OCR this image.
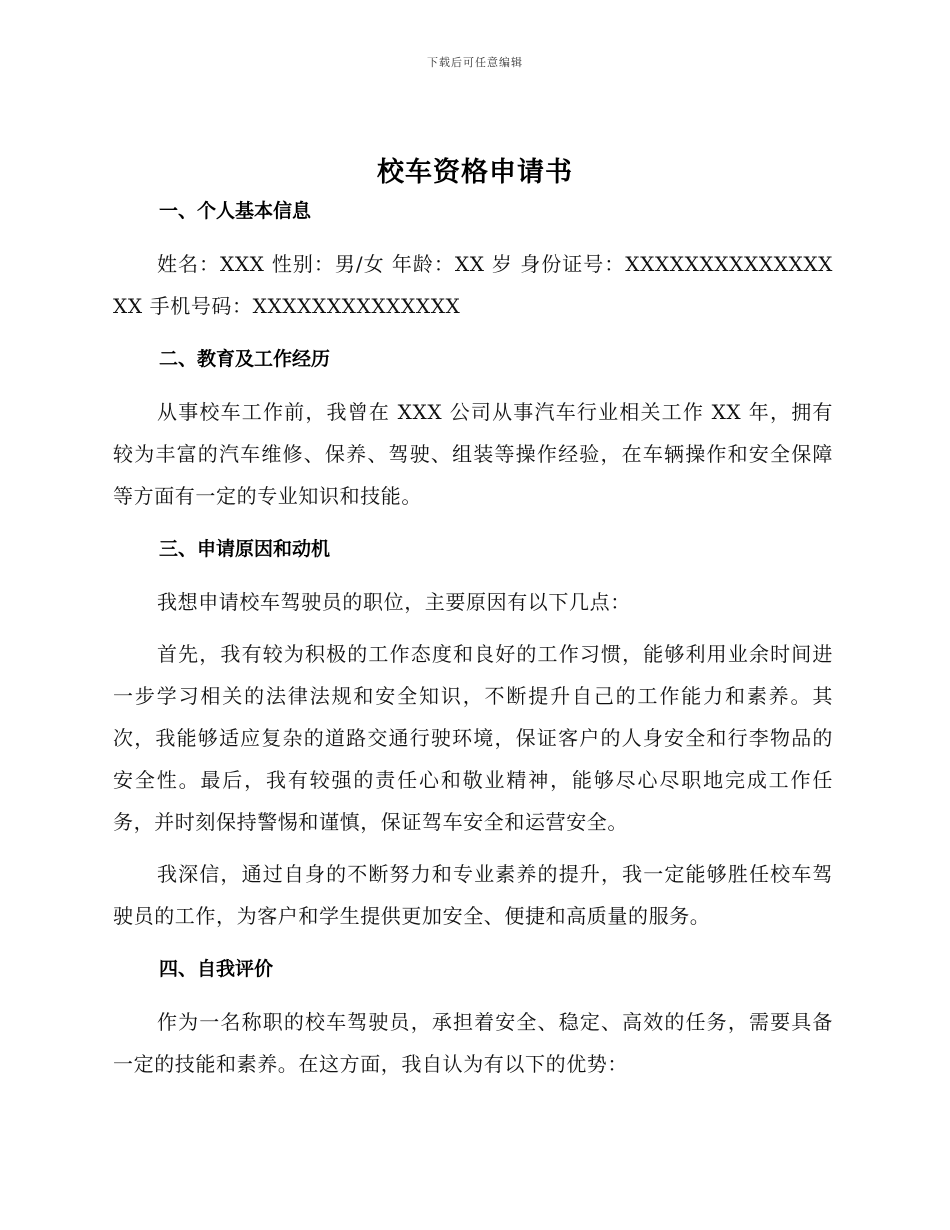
下载后可任意编辑
校车资格申请书
一、个人基本信息

姓名：XXX 性别：男/女 年龄：XX 岁 身份证号：XXXXXXXXXXXXXXXX 手机号码：XXXXXXXXXXXXXX

二、教育及工作经历

从事校车工作前，我曾在 XXX 公司从事汽车行业相关工作 XX 年，拥有较为丰富的汽车维修、保养、驾驶、组装等操作经验，在车辆操作和安全保障等方面有一定的专业知识和技能。

三、申请原因和动机

我想申请校车驾驶员的职位，主要原因有以下几点：

首先，我有较为积极的工作态度和良好的工作习惯，能够利用业余时间进一步学习相关的法律法规和安全知识，不断提升自己的工作能力和素养。其次，我能够适应复杂的道路交通行驶环境，保证客户的人身安全和行李物品的安全性。最后，我有较强的责任心和敬业精神，能够尽心尽职地完成工作任务，并时刻保持警惕和谨慎，保证驾车安全和运营安全。

我深信，通过自身的不断努力和专业素养的提升，我一定能够胜任校车驾驶员的工作，为客户和学生提供更加安全、便捷和高质量的服务。

四、自我评价

作为一名称职的校车驾驶员，承担着安全、稳定、高效的任务，需要具备一定的技能和素养。在这方面，我自认为有以下的优势：
